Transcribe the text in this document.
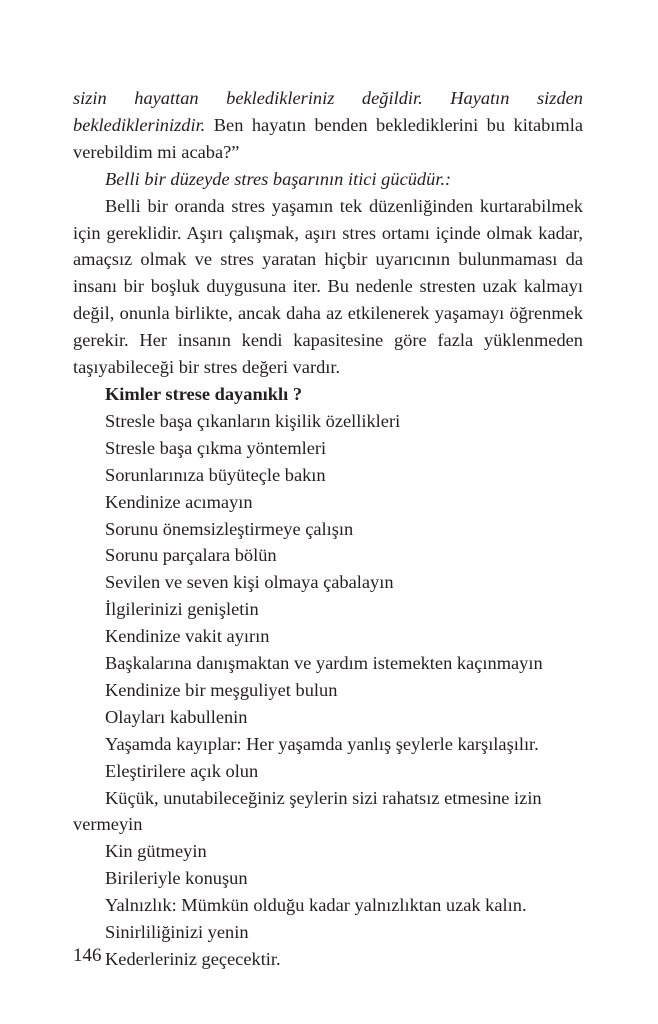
sizin hayattan bekledikleriniz değildir. Hayatın sizden beklediklerinizdir. Ben hayatın benden beklediklerini bu kitabımla verebildim mi acaba?”

Belli bir düzeyde stres başarının itici gücüdür.:

Belli bir oranda stres yaşamın tek düzenliğinden kurtarabilmek için gereklidir. Aşırı çalışmak, aşırı stres ortamı içinde olmak kadar, amaçsız olmak ve stres yaratan hiçbir uyarıcının bulunmaması da insanı bir boşluk duygusuna iter. Bu nedenle stresten uzak kalmayı değil, onunla birlikte, ancak daha az etkilenerek yaşamayı öğrenmek gerekir. Her insanın kendi kapasitesine göre fazla yüklenmeden taşıyabileceği bir stres değeri vardır.

Kimler strese dayanıklı ?

Stresle başa çıkanların kişilik özellikleri

Stresle başa çıkma yöntemleri

Sorunlarınıza büyüteçle bakın

Kendinize acımayın

Sorunu önemsizleştirmeye çalışın

Sorunu parçalara bölün

Sevilen ve seven kişi olmaya çabalayın

İlgilerinizi genişletin

Kendinize vakit ayırın

Başkalarına danışmaktan ve yardım istemekten kaçınmayın

Kendinize bir meşguliyet bulun

Olayları kabullenin

Yaşamda kayıplar: Her yaşamda yanlış şeylerle karşılaşılır.

Eleştirilere açık olun

Küçük, unutabileceğiniz şeylerin sizi rahatsız etmesine izin vermeyin

Kin gütmeyin

Birileriyle konuşun

Yalnızlık: Mümkün olduğu kadar yalnızlıktan uzak kalın.

Sinirliliğinizi yenin

Kederleriniz geçecektir.

146
